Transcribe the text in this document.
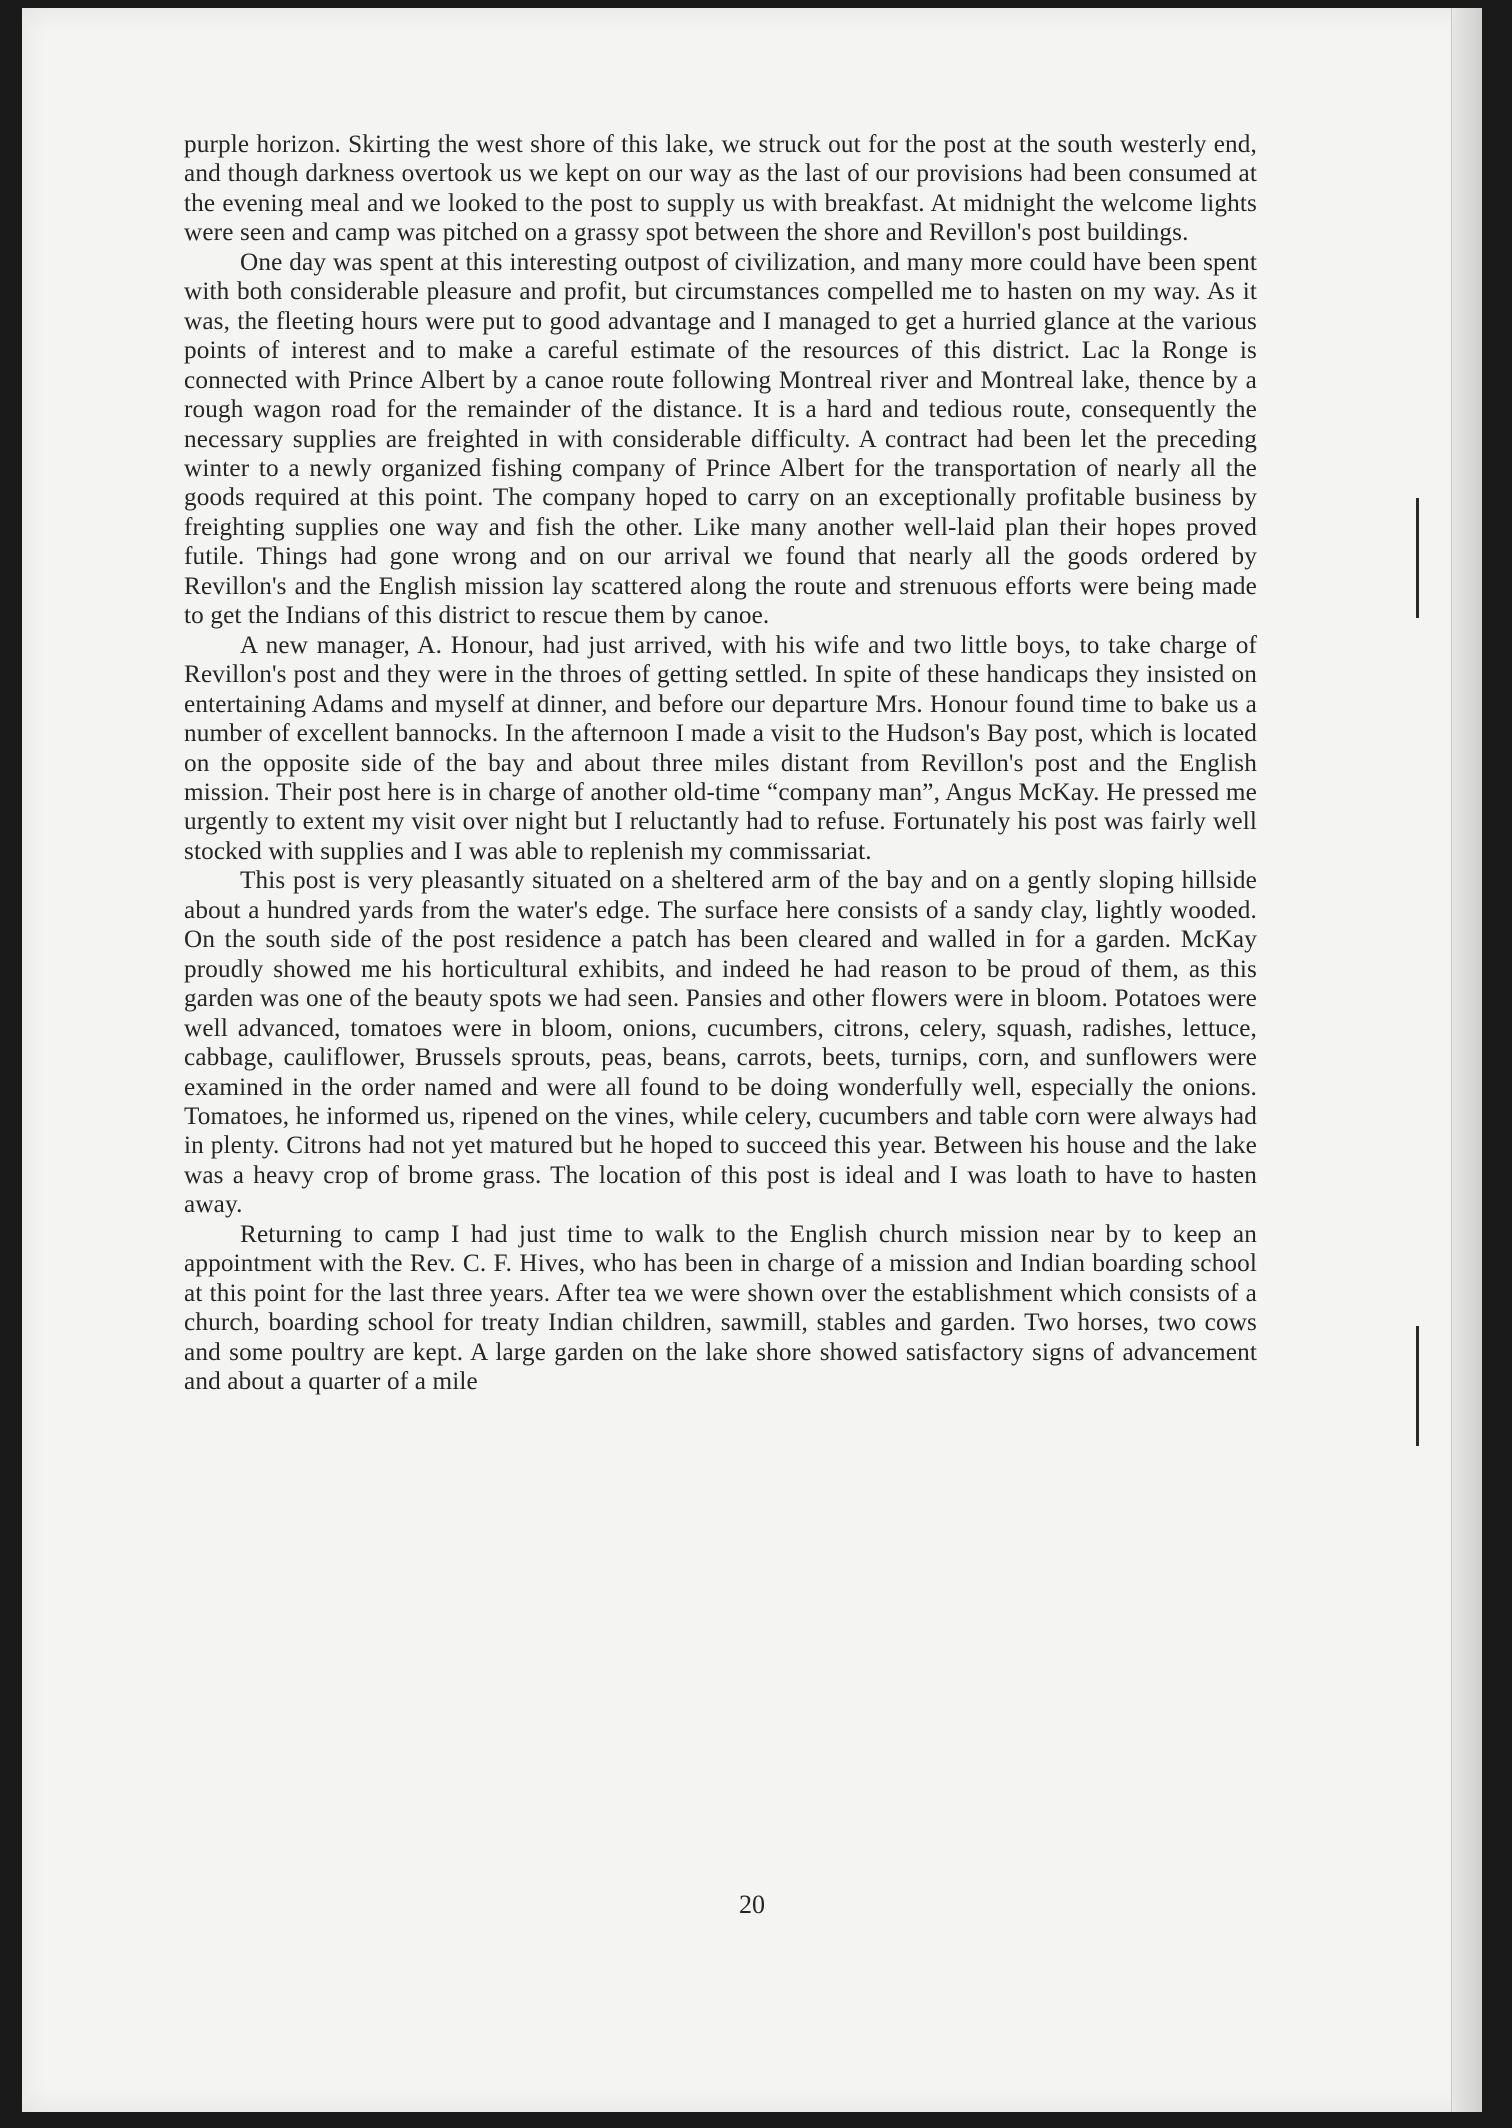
purple horizon. Skirting the west shore of this lake, we struck out for the post at the south westerly end, and though darkness overtook us we kept on our way as the last of our provisions had been consumed at the evening meal and we looked to the post to supply us with breakfast. At midnight the welcome lights were seen and camp was pitched on a grassy spot between the shore and Revillon's post buildings.

One day was spent at this interesting outpost of civilization, and many more could have been spent with both considerable pleasure and profit, but circumstances compelled me to hasten on my way. As it was, the fleeting hours were put to good advantage and I managed to get a hurried glance at the various points of interest and to make a careful estimate of the resources of this district. Lac la Ronge is connected with Prince Albert by a canoe route following Montreal river and Montreal lake, thence by a rough wagon road for the remainder of the distance. It is a hard and tedious route, consequently the necessary supplies are freighted in with considerable difficulty. A contract had been let the preceding winter to a newly organized fishing company of Prince Albert for the transportation of nearly all the goods required at this point. The company hoped to carry on an exceptionally profitable business by freighting supplies one way and fish the other. Like many another well-laid plan their hopes proved futile. Things had gone wrong and on our arrival we found that nearly all the goods ordered by Revillon's and the English mission lay scattered along the route and strenuous efforts were being made to get the Indians of this district to rescue them by canoe.

A new manager, A. Honour, had just arrived, with his wife and two little boys, to take charge of Revillon's post and they were in the throes of getting settled. In spite of these handicaps they insisted on entertaining Adams and myself at dinner, and before our departure Mrs. Honour found time to bake us a number of excellent bannocks. In the afternoon I made a visit to the Hudson's Bay post, which is located on the opposite side of the bay and about three miles distant from Revillon's post and the English mission. Their post here is in charge of another old-time “company man”, Angus McKay. He pressed me urgently to extent my visit over night but I reluctantly had to refuse. Fortunately his post was fairly well stocked with supplies and I was able to replenish my commissariat.

This post is very pleasantly situated on a sheltered arm of the bay and on a gently sloping hillside about a hundred yards from the water's edge. The surface here consists of a sandy clay, lightly wooded. On the south side of the post residence a patch has been cleared and walled in for a garden. McKay proudly showed me his horticultural exhibits, and indeed he had reason to be proud of them, as this garden was one of the beauty spots we had seen. Pansies and other flowers were in bloom. Potatoes were well advanced, tomatoes were in bloom, onions, cucumbers, citrons, celery, squash, radishes, lettuce, cabbage, cauliflower, Brussels sprouts, peas, beans, carrots, beets, turnips, corn, and sunflowers were examined in the order named and were all found to be doing wonderfully well, especially the onions. Tomatoes, he informed us, ripened on the vines, while celery, cucumbers and table corn were always had in plenty. Citrons had not yet matured but he hoped to succeed this year. Between his house and the lake was a heavy crop of brome grass. The location of this post is ideal and I was loath to have to hasten away.

Returning to camp I had just time to walk to the English church mission near by to keep an appointment with the Rev. C. F. Hives, who has been in charge of a mission and Indian boarding school at this point for the last three years. After tea we were shown over the establishment which consists of a church, boarding school for treaty Indian children, sawmill, stables and garden. Two horses, two cows and some poultry are kept. A large garden on the lake shore showed satisfactory signs of advancement and about a quarter of a mile

20
